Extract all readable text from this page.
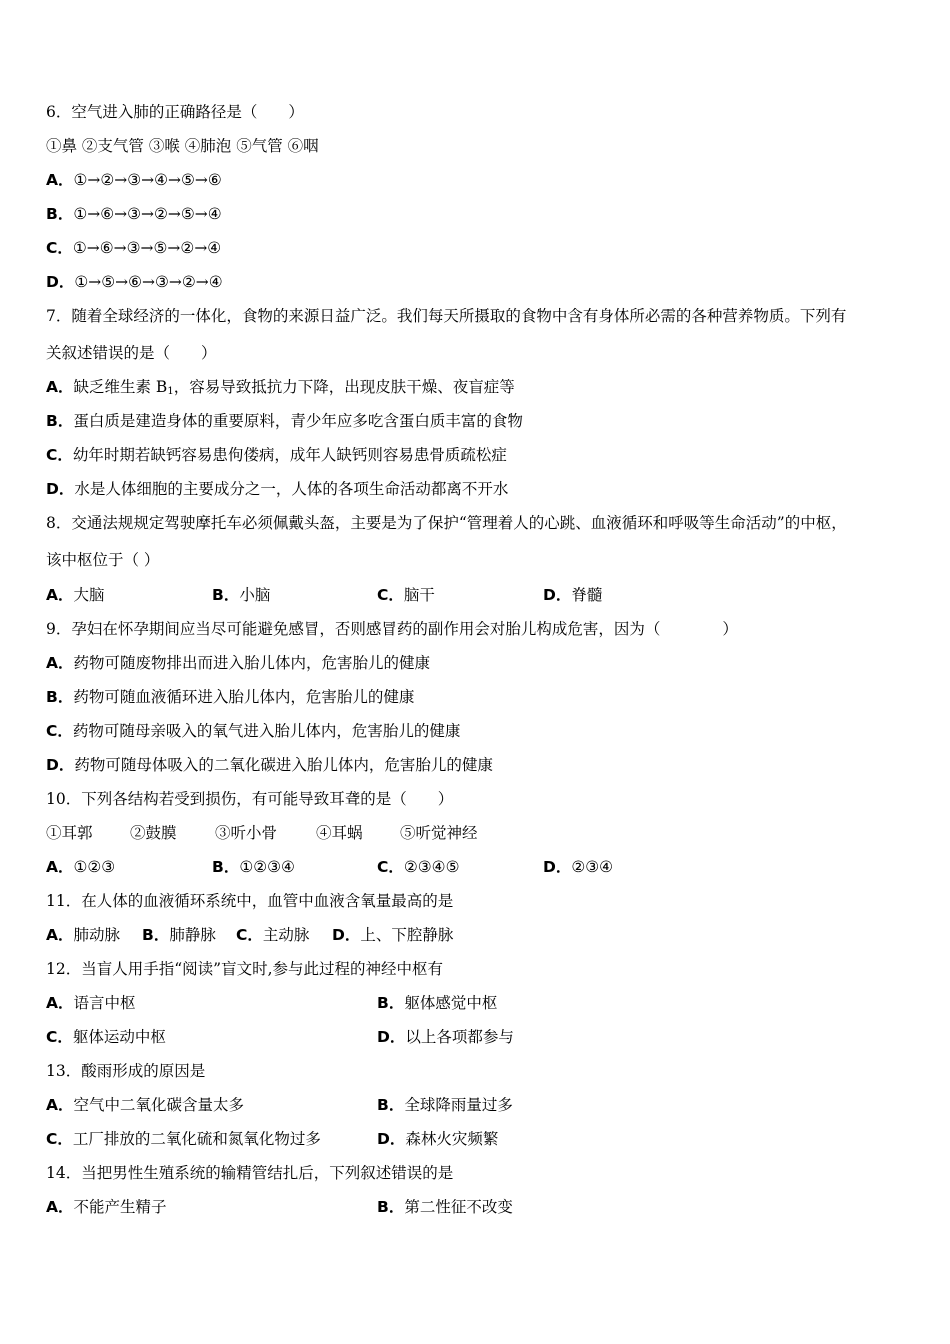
6．空气进入肺的正确路径是（　　）
①鼻 ②支气管 ③喉 ④肺泡 ⑤气管 ⑥咽
A．①→②→③→④→⑤→⑥
B．①→⑥→③→②→⑤→④
C．①→⑥→③→⑤→②→④
D．①→⑤→⑥→③→②→④
7．随着全球经济的一体化，食物的来源日益广泛。我们每天所摄取的食物中含有身体所必需的各种营养物质。下列有
关叙述错误的是（　　）
A．缺乏维生素 $B_1$，容易导致抵抗力下降，出现皮肤干燥、夜盲症等
B．蛋白质是建造身体的重要原料，青少年应多吃含蛋白质丰富的食物
C．幼年时期若缺钙容易患佝偻病，成年人缺钙则容易患骨质疏松症
D．水是人体细胞的主要成分之一，人体的各项生命活动都离不开水
8．交通法规规定驾驶摩托车必须佩戴头盔，主要是为了保护“管理着人的心跳、血液循环和呼吸等生命活动”的中枢，
该中枢位于（ ）
A．大脑	B．小脑	C．脑干	D．脊髓
9．孕妇在怀孕期间应当尽可能避免感冒，否则感冒药的副作用会对胎儿构成危害，因为（　　　　）
A．药物可随废物排出而进入胎儿体内，危害胎儿的健康
B．药物可随血液循环进入胎儿体内，危害胎儿的健康
C．药物可随母亲吸入的氧气进入胎儿体内，危害胎儿的健康
D．药物可随母体吸入的二氧化碳进入胎儿体内，危害胎儿的健康
10．下列各结构若受到损伤，有可能导致耳聋的是（　　）
①耳郭 ②鼓膜 ③听小骨	④耳蜗 ⑤听觉神经
A．①②③	B．①②③④	C．②③④⑤	D．②③④
11．在人体的血液循环系统中，血管中血液含氧量最高的是
A．肺动脉 B．肺静脉 C．主动脉 D．上、下腔静脉
12．当盲人用手指“阅读”盲文时,参与此过程的神经中枢有
A．语言中枢	B．躯体感觉中枢
C．躯体运动中枢	D．以上各项都参与
13．酸雨形成的原因是
A．空气中二氧化碳含量太多	B．全球降雨量过多
C．工厂排放的二氧化硫和氮氧化物过多	D．森林火灾频繁
14．当把男性生殖系统的输精管结扎后，下列叙述错误的是
A．不能产生精子	B．第二性征不改变
